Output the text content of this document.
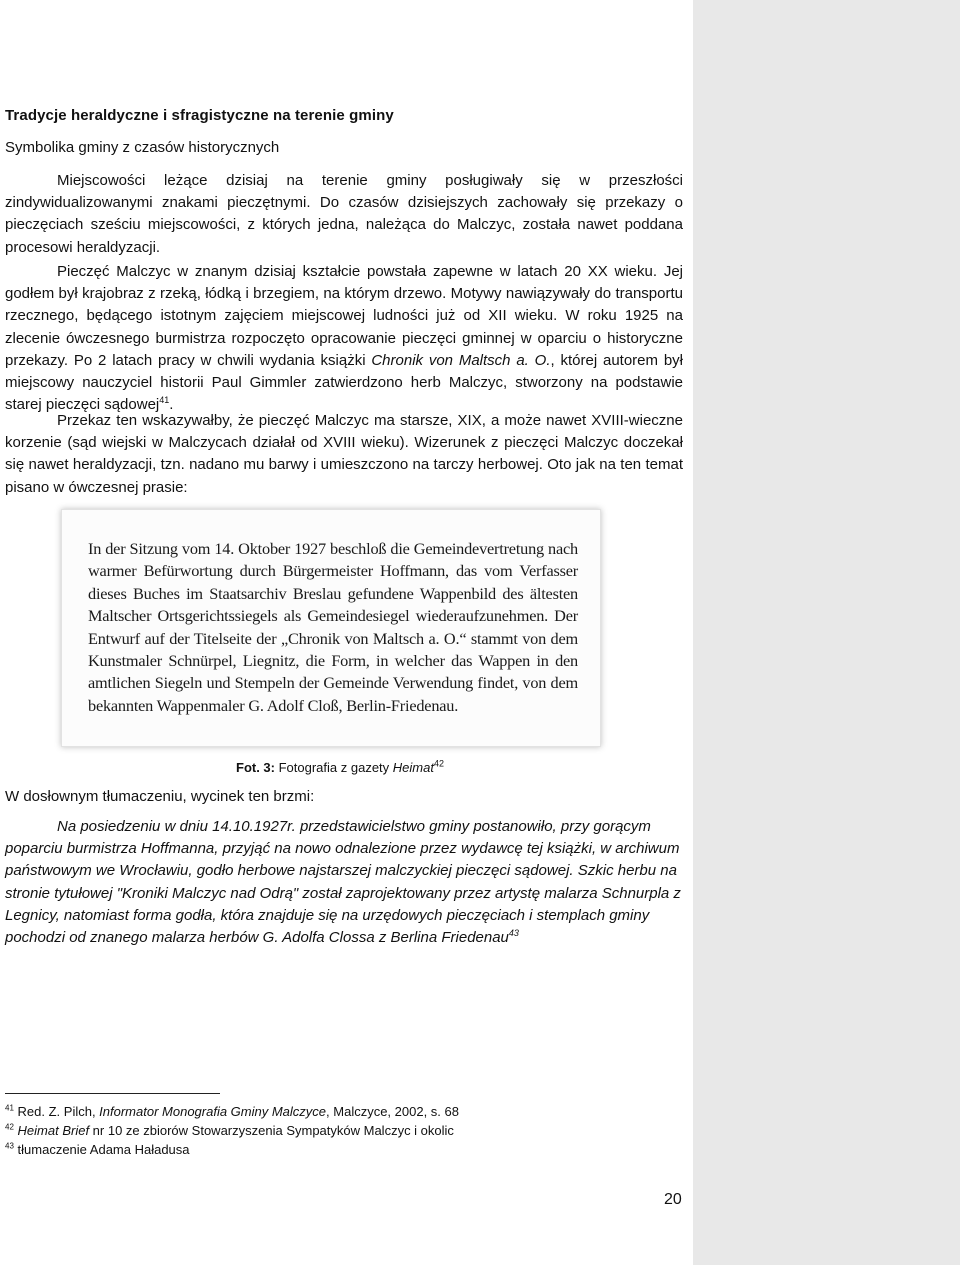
Tradycje heraldyczne i sfragistyczne na terenie gminy
Symbolika gminy z czasów historycznych
Miejscowości leżące dzisiaj na terenie gminy posługiwały się w przeszłości zindywidualizowanymi znakami pieczętnymi. Do czasów dzisiejszych zachowały się przekazy o pieczęciach sześciu miejscowości, z których jedna, należąca do Malczyc, została nawet poddana procesowi heraldyzacji.
Pieczęć Malczyc w znanym dzisiaj kształcie powstała zapewne w latach 20 XX wieku. Jej godłem był krajobraz z rzeką, łódką i brzegiem, na którym drzewo. Motywy nawiązywały do transportu rzecznego, będącego istotnym zajęciem miejscowej ludności już od XII wieku. W roku 1925 na zlecenie ówczesnego burmistrza rozpoczęto opracowanie pieczęci gminnej w oparciu o historyczne przekazy. Po 2 latach pracy w chwili wydania książki Chronik von Maltsch a. O., której autorem był miejscowy nauczyciel historii Paul Gimmler zatwierdzono herb Malczyc, stworzony na podstawie starej pieczęci sądowej$^{41}$.
Przekaz ten wskazywałby, że pieczęć Malczyc ma starsze, XIX, a może nawet XVIII-wieczne korzenie (sąd wiejski w Malczycach działał od XVIII wieku). Wizerunek z pieczęci Malczyc doczekał się nawet heraldyzacji, tzn. nadano mu barwy i umieszczono na tarczy herbowej. Oto jak na ten temat pisano w ówczesnej prasie:
In der Sitzung vom 14. Oktober 1927 beschloß die Gemeindevertretung nach warmer Befürwortung durch Bürgermeister Hoffmann, das vom Verfasser dieses Buches im Staatsarchiv Breslau gefundene Wappenbild des ältesten Maltscher Ortsgerichtssiegels als Gemeindesiegel wiederaufzunehmen. Der Entwurf auf der Titelseite der „Chronik von Maltsch a. O.“ stammt von dem Kunstmaler Schnürpel, Liegnitz, die Form, in welcher das Wappen in den amtlichen Siegeln und Stempeln der Gemeinde Verwendung findet, von dem bekannten Wappenmaler G. Adolf Cloß, Berlin-Friedenau.
Fot. 3: Fotografia z gazety Heimat$^{42}$
W dosłownym tłumaczeniu, wycinek ten brzmi:
Na posiedzeniu w dniu 14.10.1927r. przedstawicielstwo gminy postanowiło, przy gorącym poparciu burmistrza Hoffmanna, przyjąć na nowo odnalezione przez wydawcę tej książki, w archiwum państwowym we Wrocławiu, godło herbowe najstarszej malczyckiej pieczęci sądowej. Szkic herbu na stronie tytułowej "Kroniki Malczyc nad Odrą" został zaprojektowany przez artystę malarza Schnurpla z Legnicy, natomiast forma godła, która znajduje się na urzędowych pieczęciach i stemplach gminy pochodzi od znanego malarza herbów G. Adolfa Clossa z Berlina Friedenau$^{43}$
$^{41}$ Red. Z. Pilch, Informator Monografia Gminy Malczyce, Malczyce, 2002, s. 68
$^{42}$ Heimat Brief nr 10 ze zbiorów Stowarzyszenia Sympatyków Malczyc i okolic
$^{43}$ tłumaczenie Adama Haładusa
20
